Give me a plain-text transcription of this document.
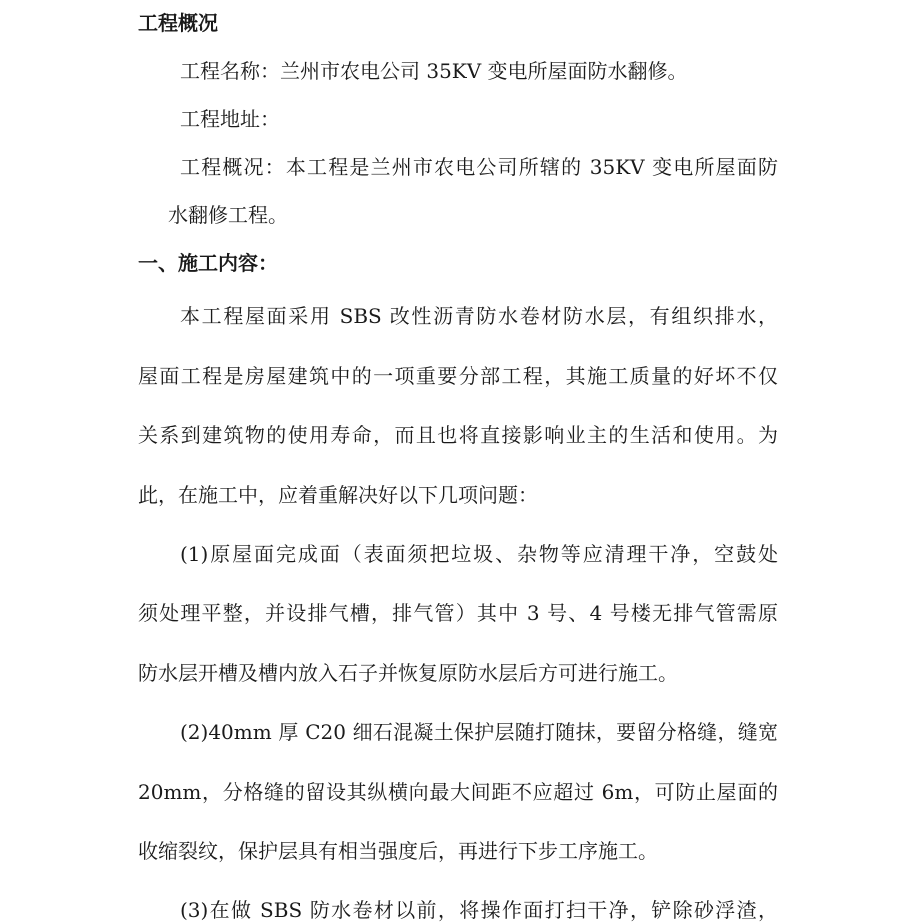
工程概况
工程名称：兰州市农电公司 35KV 变电所屋面防水翻修。
工程地址：
工程概况：本工程是兰州市农电公司所辖的 35KV 变电所屋面防
水翻修工程。
一、施工内容：
本工程屋面采用 SBS 改性沥青防水卷材防水层，有组织排水，
屋面工程是房屋建筑中的一项重要分部工程，其施工质量的好坏不仅
关系到建筑物的使用寿命，而且也将直接影响业主的生活和使用。为
此，在施工中，应着重解决好以下几项问题：
(1)原屋面完成面（表面须把垃圾、杂物等应清理干净，空鼓处
须处理平整，并设排气槽，排气管）其中 3 号、4 号楼无排气管需原
防水层开槽及槽内放入石子并恢复原防水层后方可进行施工。
(2)40mm 厚 C20 细石混凝土保护层随打随抹，要留分格缝，缝宽
20mm，分格缝的留设其纵横向最大间距不应超过 6m，可防止屋面的
收缩裂纹，保护层具有相当强度后，再进行下步工序施工。
(3)在做 SBS 防水卷材以前，将操作面打扫干净，铲除砂浮渣，
